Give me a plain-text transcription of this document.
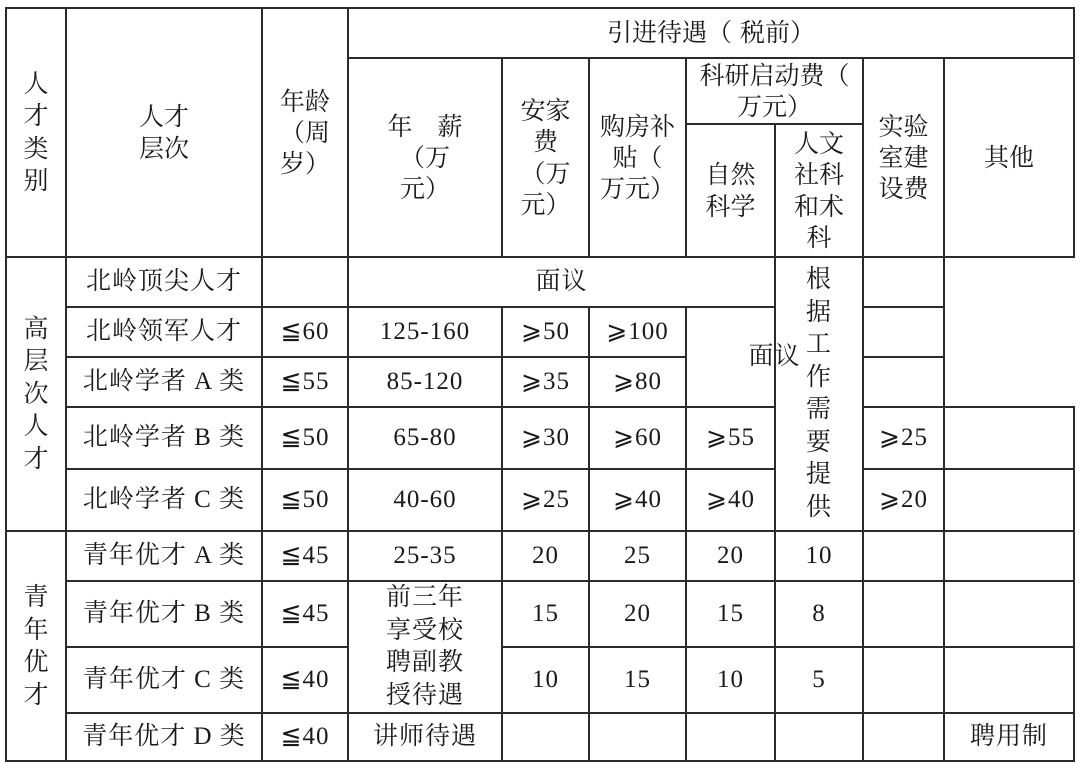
人才类别	人才层次	年龄（周岁）	引进待遇（ 税前）						
			年　薪（万元）	安家费（万元）	购房补贴（ 万元）	科研启动费（ 万元）		实验室建设费	其他
						自然科学	人文社科和术科		
高层次人才	北岭顶尖人才		面议				根据工作需要提供		
	北岭领军人才	≦60	125-160	⩾50	⩾100	面议			
	北岭学者 A 类	≦55	85-120	⩾35	⩾80				
	北岭学者 B 类	≦50	65-80	⩾30	⩾60	⩾55		⩾25	
	北岭学者 C 类	≦50	40-60	⩾25	⩾40	⩾40		⩾20	
青年优才	青年优才 A 类	≦45	25-35	20	25	20	10		
	青年优才 B 类	≦45	前三年享受校聘副教授待遇	15	20	15	8		
	青年优才 C 类	≦40		10	15	10	5		
	青年优才 D 类	≦40	讲师待遇						聘用制
